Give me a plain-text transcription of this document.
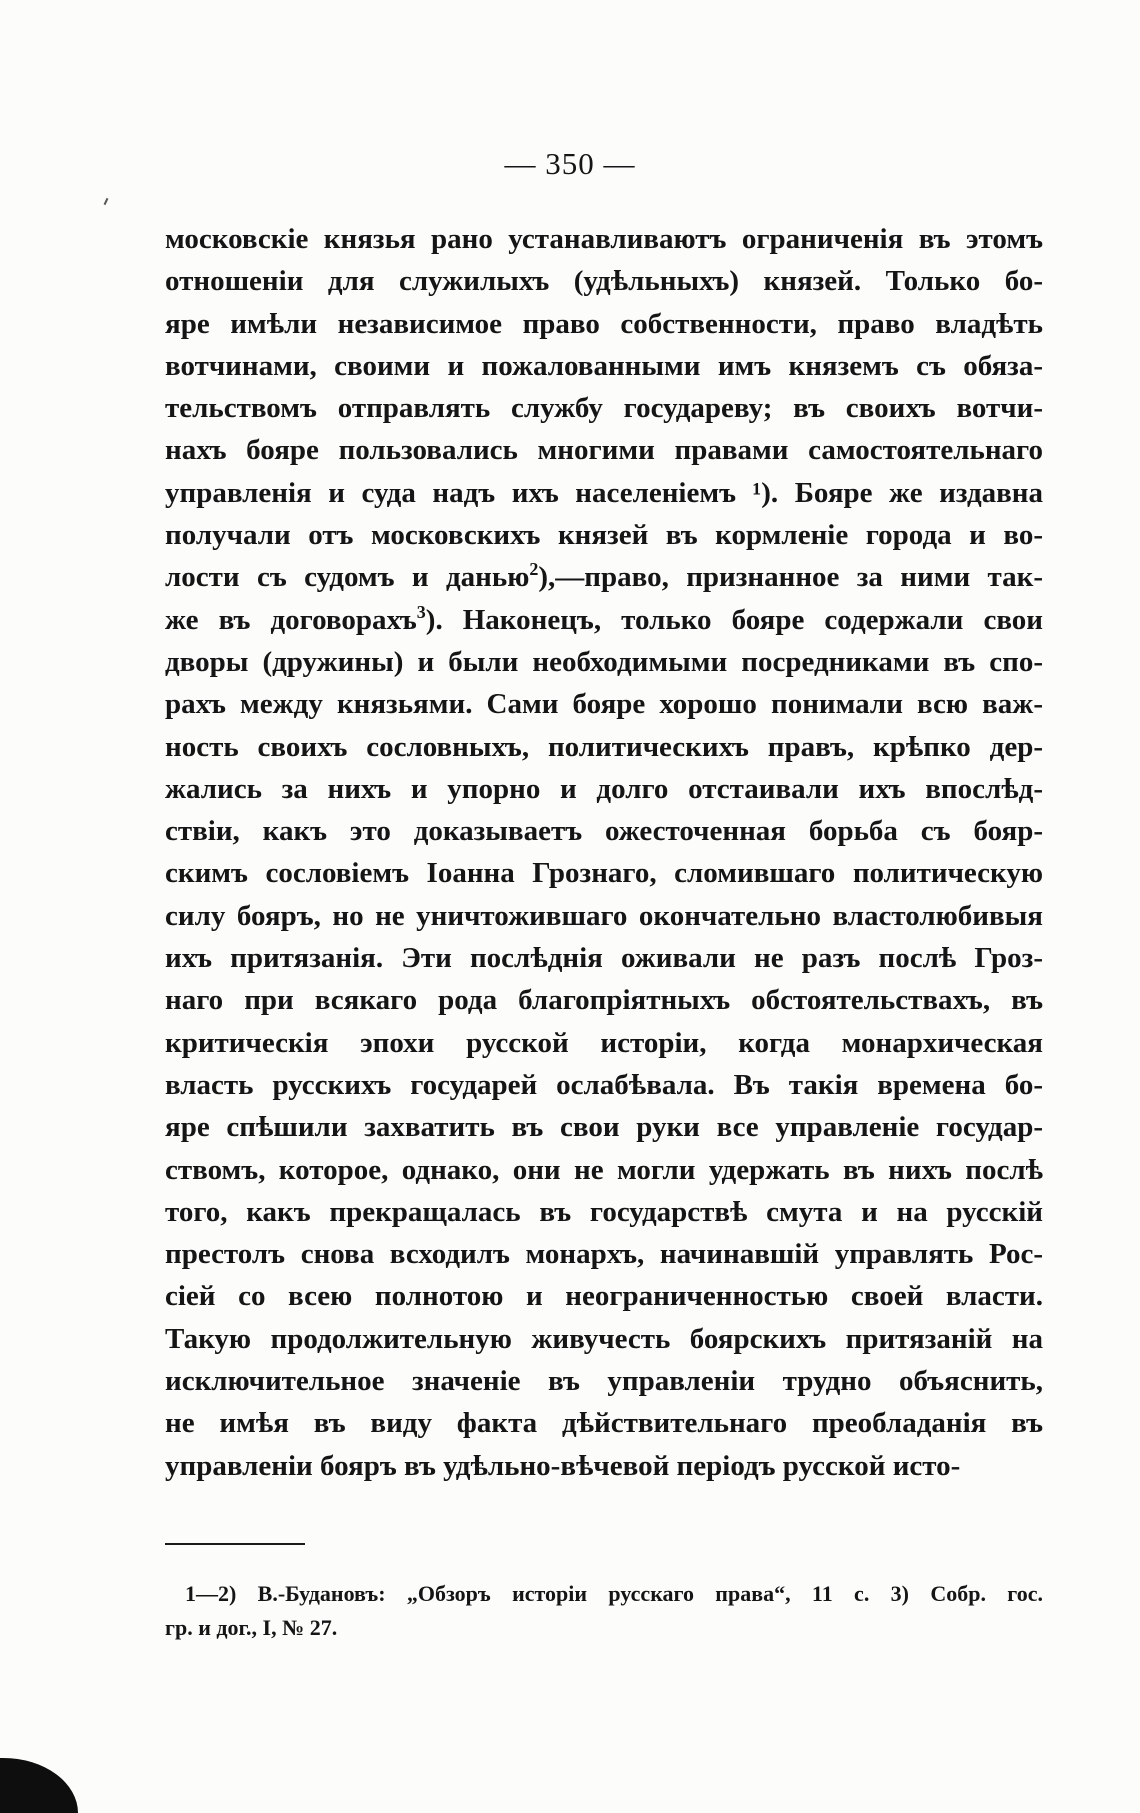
— 350 —
московскіе князья рано устанавливаютъ ограниченія въ этомъ
отношеніи для служилыхъ (удѣльныхъ) князей. Только бо-
яре имѣли независимое право собственности, право владѣть
вотчинами, своими и пожалованными имъ княземъ съ обяза-
тельствомъ отправлять службу государеву; въ своихъ вотчи-
нахъ бояре пользовались многими правами самостоятельнаго
управленія и суда надъ ихъ населеніемъ ¹). Бояре же издавна
получали отъ московскихъ князей въ кормленіе города и во-
лости съ судомъ и данью$^2$),—право, признанное за ними так-
же въ договорахъ$^3$). Наконецъ, только бояре содержали свои
дворы (дружины) и были необходимыми посредниками въ спо-
рахъ между князьями. Сами бояре хорошо понимали всю важ-
ность своихъ сословныхъ, политическихъ правъ, крѣпко дер-
жались за нихъ и упорно и долго отстаивали ихъ впослѣд-
ствіи, какъ это доказываетъ ожесточенная борьба съ бояр-
скимъ сословіемъ Іоанна Грознаго, сломившаго политическую
силу бояръ, но не уничтожившаго окончательно властолюбивыя
ихъ притязанія. Эти послѣднія оживали не разъ послѣ Гроз-
наго при всякаго рода благопріятныхъ обстоятельствахъ, въ
критическія эпохи русской исторіи, когда монархическая
власть русскихъ государей ослабѣвала. Въ такія времена бо-
яре спѣшили захватить въ свои руки все управленіе государ-
ствомъ, которое, однако, они не могли удержать въ нихъ послѣ
того, какъ прекращалась въ государствѣ смута и на русскій
престолъ снова всходилъ монархъ, начинавшій управлять Рос-
сіей со всею полнотою и неограниченностью своей власти.
Такую продолжительную живучесть боярскихъ притязаній на
исключительное значеніе въ управленіи трудно объяснить,
не имѣя въ виду факта дѣйствительнаго преобладанія въ
управленіи бояръ въ удѣльно-вѣчевой періодъ русской исто-
1—2) В.-Будановъ: „Обзоръ исторіи русскаго права“, 11 с. 3) Собр. гос.
гр. и дог., I, № 27.
